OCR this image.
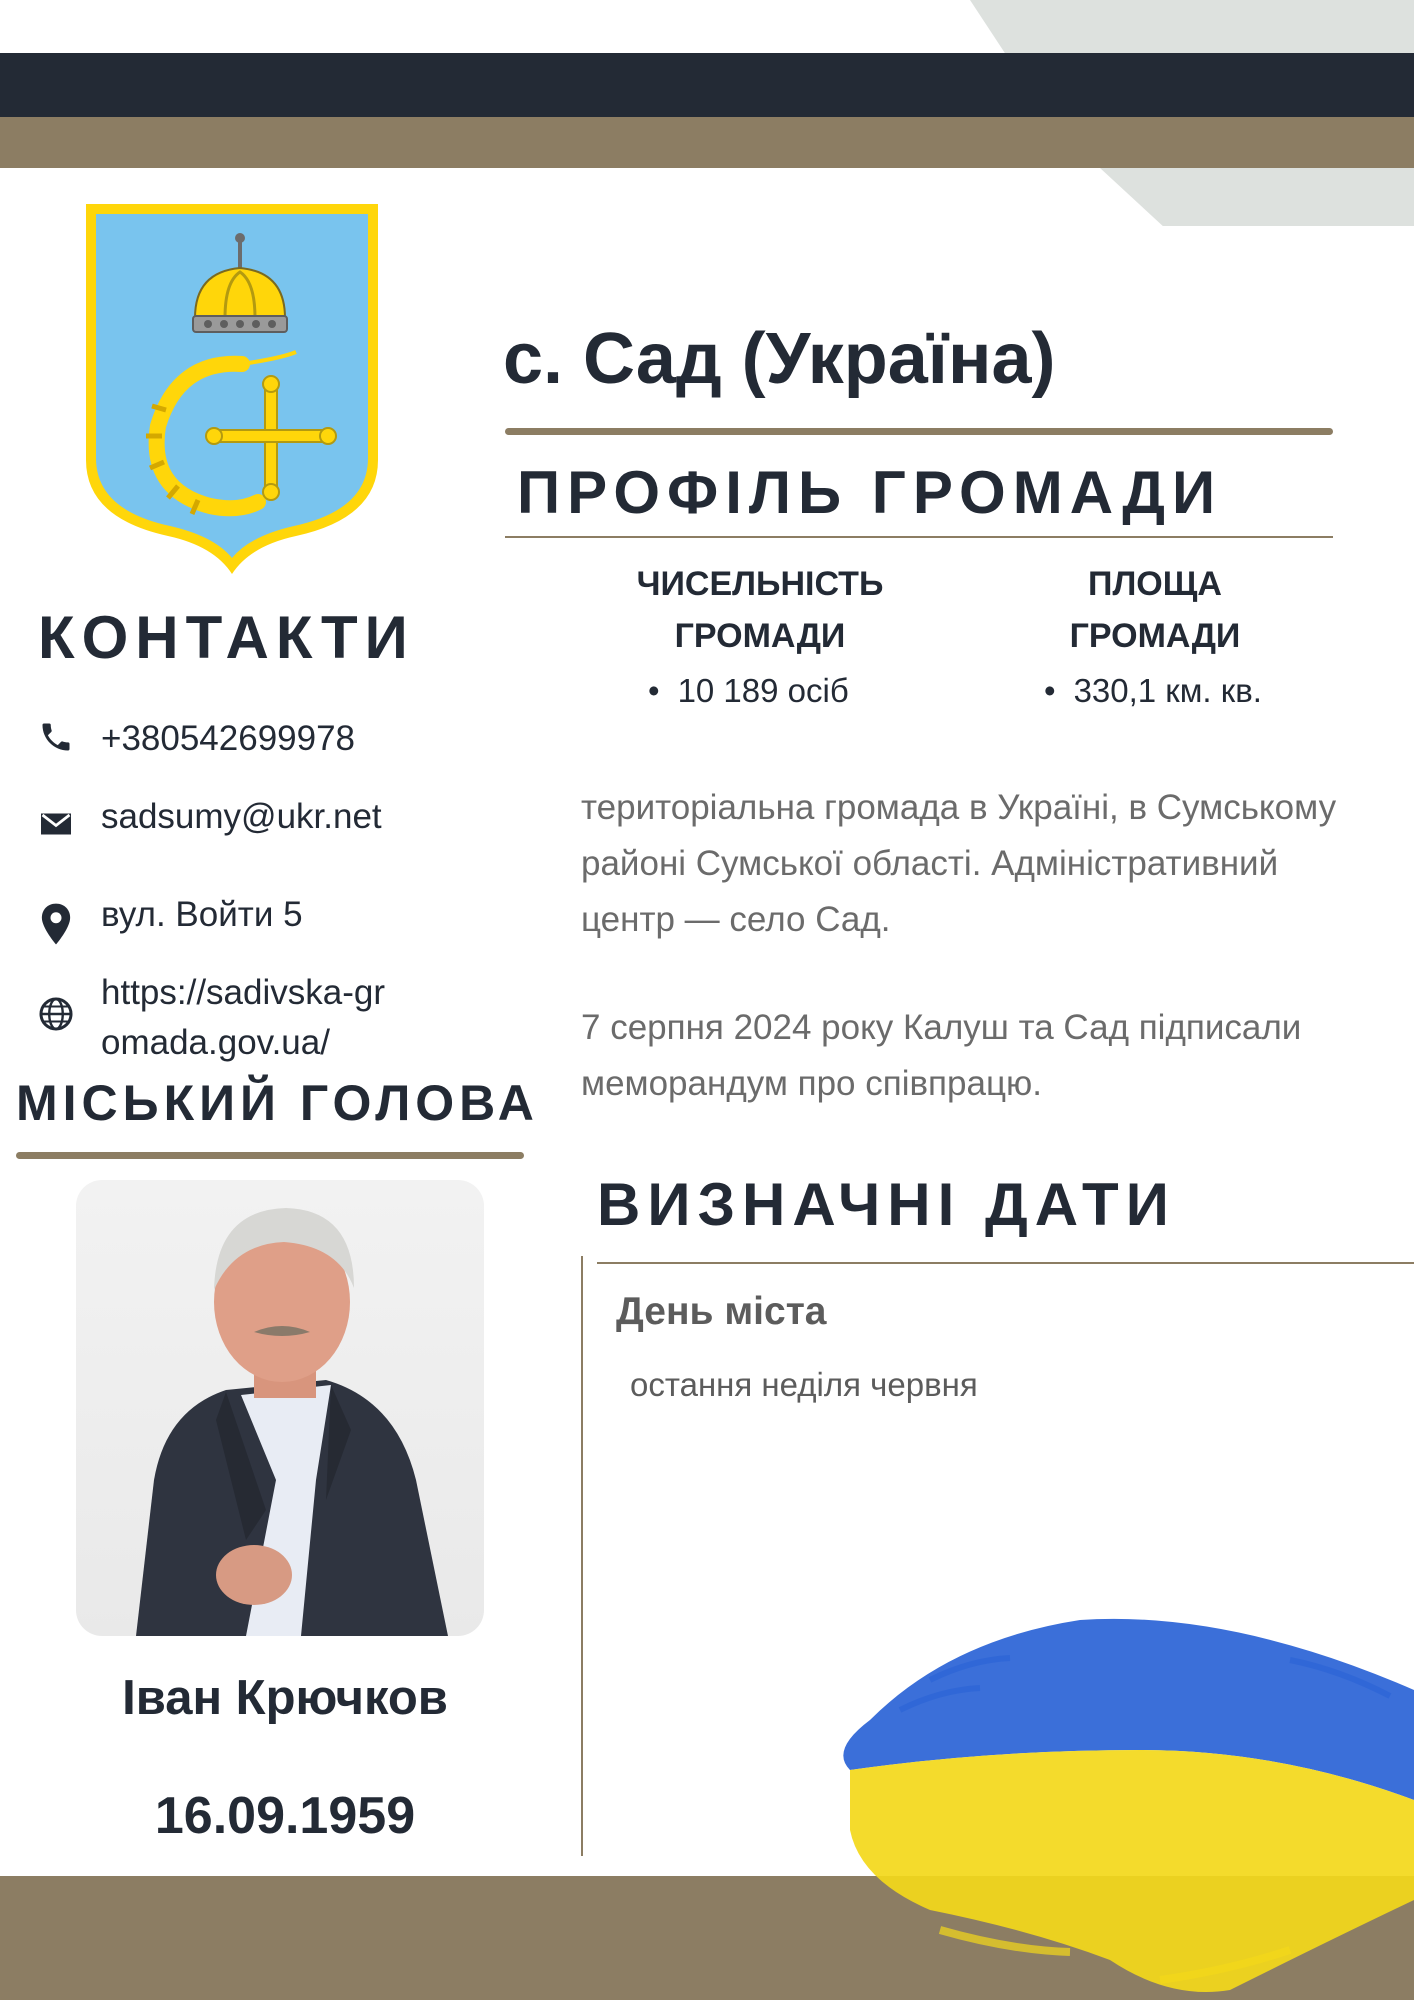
с. Сад (Україна)
ПРОФІЛЬ ГРОМАДИ
ЧИСЕЛЬНІСТЬ ГРОМАДИ
• 10 189 осіб
ПЛОЩА ГРОМАДИ
• 330,1 км. кв.
територіальна громада в Україні, в Сумському районі Сумської області. Адміністративний центр — село Сад.
7 серпня 2024 року Калуш та Сад підписали меморандум про співпрацю.
КОНТАКТИ
+380542699978
sadsumy@ukr.net
вул. Войти 5
https://sadivska-gromada.gov.ua/
МІСЬКИЙ ГОЛОВА
Іван Крючков
16.09.1959
ВИЗНАЧНІ ДАТИ
День міста
остання неділя червня
